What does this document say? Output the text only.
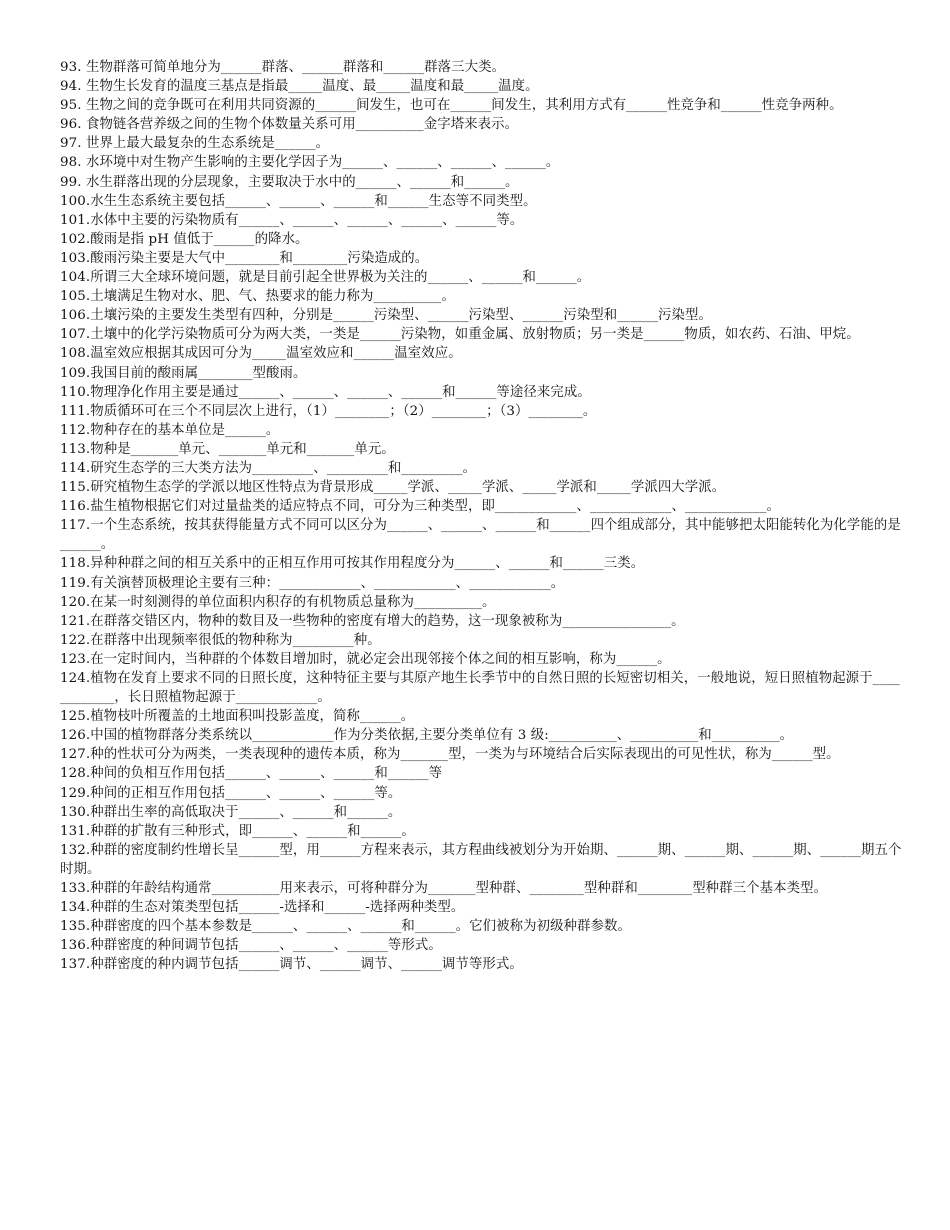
93. 生物群落可简单地分为______群落、______群落和______群落三大类。

94. 生物生长发育的温度三基点是指最_____温度、最_____温度和最_____温度。

95. 生物之间的竞争既可在利用共同资源的______间发生，也可在______间发生，其利用方式有______性竞争和______性竞争两种。

96. 食物链各营养级之间的生物个体数量关系可用__________金字塔来表示。

97. 世界上最大最复杂的生态系统是______。

98. 水环境中对生物产生影响的主要化学因子为______、______、______、______。

99. 水生群落出现的分层现象，主要取决于水中的______、______和______。

100.水生生态系统主要包括______、______、______和______生态等不同类型。

101.水体中主要的污染物质有______、______、______、______、______等。

102.酸雨是指 pH 值低于______的降水。

103.酸雨污染主要是大气中________和________污染造成的。

104.所谓三大全球环境问题，就是目前引起全世界极为关注的______、______和______。

105.土壤满足生物对水、肥、气、热要求的能力称为__________。

106.土壤污染的主要发生类型有四种，分别是______污染型、______污染型、______污染型和______污染型。

107.土壤中的化学污染物质可分为两大类，一类是______污染物，如重金属、放射物质；另一类是______物质，如农药、石油、甲烷。

108.温室效应根据其成因可分为_____温室效应和______温室效应。

109.我国目前的酸雨属________型酸雨。

110.物理净化作用主要是通过______、______、______、______和______等途径来完成。

111.物质循环可在三个不同层次上进行，（1）________；（2）________；（3）________。

112.物种存在的基本单位是______。

113.物种是_______单元、_______单元和_______单元。

114.研究生态学的三大类方法为_________、_________和_________。

115.研究植物生态学的学派以地区性特点为背景形成_____学派、_____学派、_____学派和_____学派四大学派。

116.盐生植物根据它们对过量盐类的适应特点不同，可分为三种类型，即____________、____________、____________。

117.一个生态系统，按其获得能量方式不同可以区分为______、______、______和______四个组成部分，其中能够把太阳能转化为化学能的是______。

118.异种种群之间的相互关系中的正相互作用可按其作用程度分为______、______和______三类。

119.有关演替顶极理论主要有三种：____________、____________、____________。

120.在某一时刻测得的单位面积内积存的有机物质总量称为__________。

121.在群落交错区内，物种的数目及一些物种的密度有增大的趋势，这一现象被称为________________。

122.在群落中出现频率很低的物种称为_________种。

123.在一定时间内，当种群的个体数目增加时，就必定会出现邻接个体之间的相互影响，称为______。

124.植物在发育上要求不同的日照长度，这种特征主要与其原产地生长季节中的自然日照的长短密切相关，一般地说，短日照植物起源于____________，长日照植物起源于____________。

125.植物枝叶所覆盖的土地面积叫投影盖度，简称______。

126.中国的植物群落分类系统以____________作为分类依据,主要分类单位有 3 级:__________、__________和__________。

127.种的性状可分为两类，一类表现种的遗传本质，称为_______型，一类为与环境结合后实际表现出的可见性状，称为______型。

128.种间的负相互作用包括______、______、______和______等

129.种间的正相互作用包括______、______、______等。

130.种群出生率的高低取决于______、______和______。

131.种群的扩散有三种形式，即______、______和______。

132.种群的密度制约性增长呈______型，用______方程来表示，其方程曲线被划分为开始期、______期、______期、______期、______期五个时期。

133.种群的年龄结构通常__________用来表示，可将种群分为_______型种群、________型种群和________型种群三个基本类型。

134.种群的生态对策类型包括______-选择和______-选择两种类型。

135.种群密度的四个基本参数是______、______、______和______。它们被称为初级种群参数。

136.种群密度的种间调节包括______、______、______等形式。

137.种群密度的种内调节包括______调节、______调节、______调节等形式。
